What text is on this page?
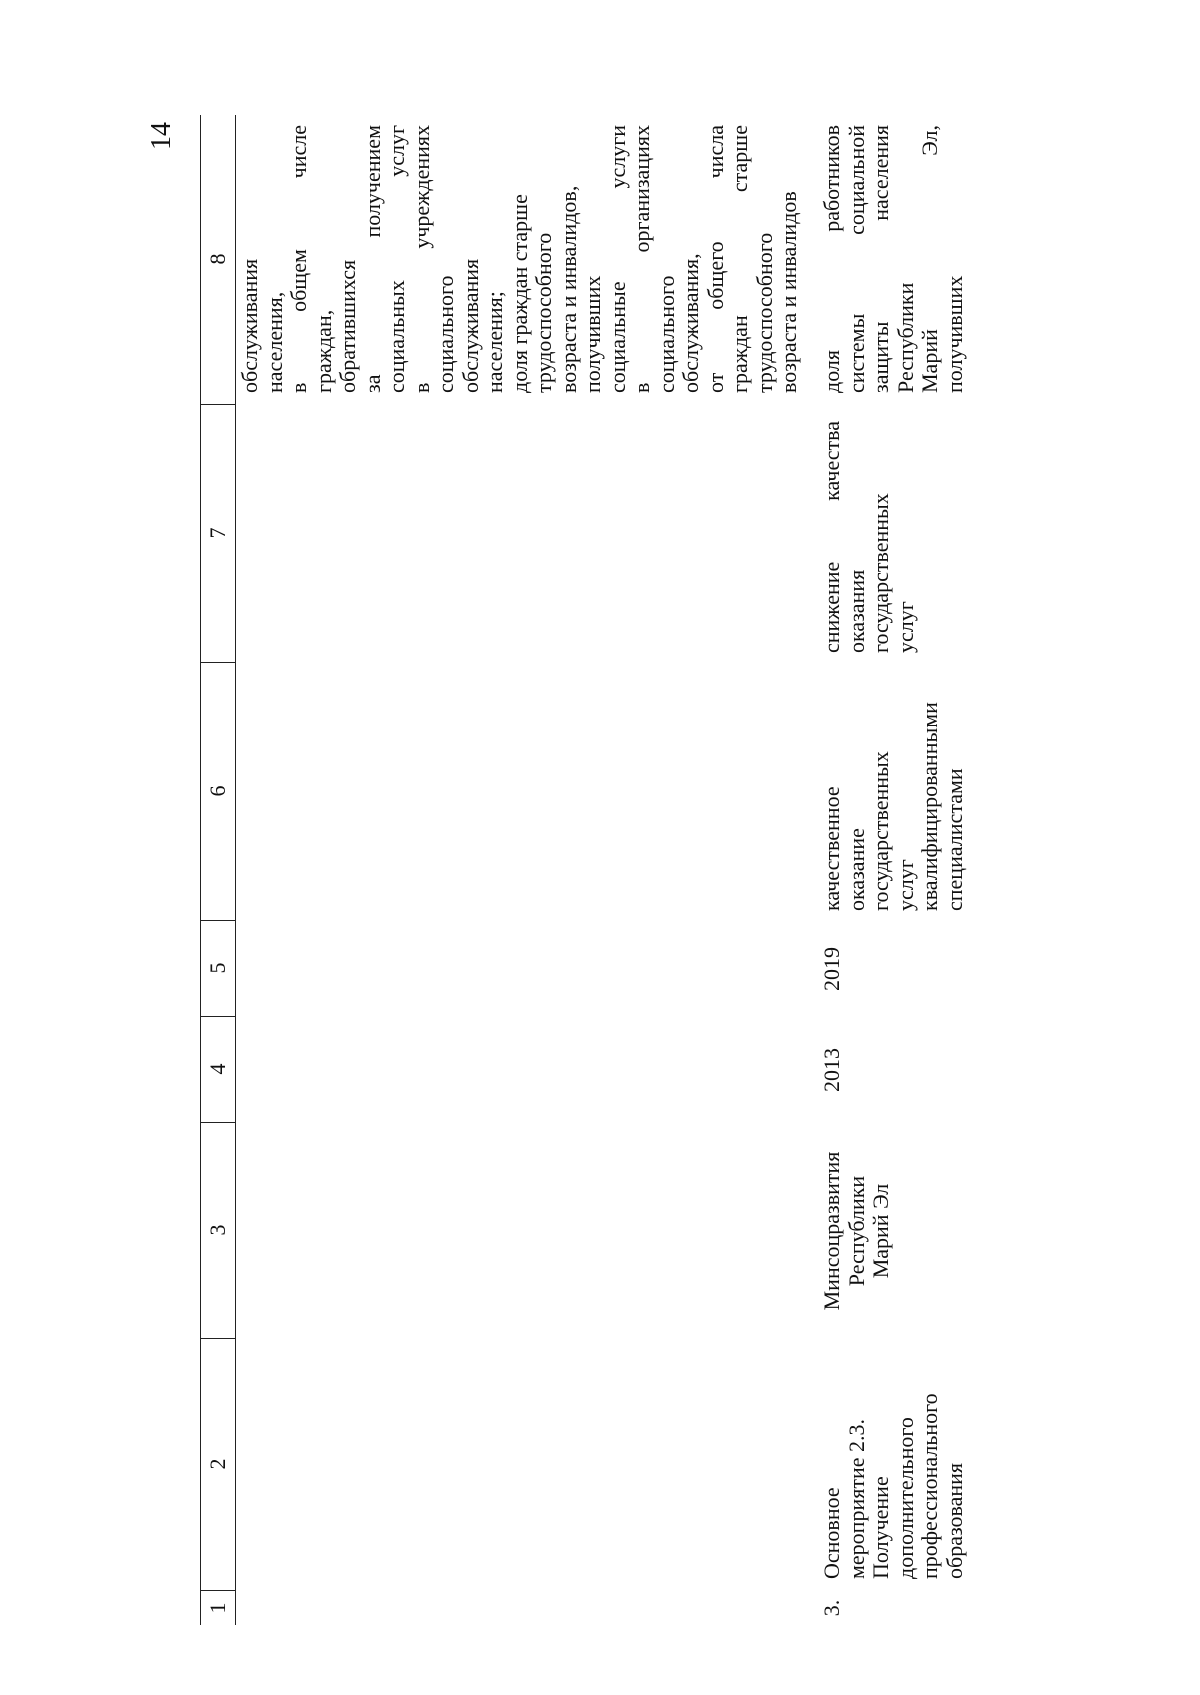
14
1
2
3
4
5
6
7
8 обслуживания населения, в
общем
числе
граждан, обратившихся за
получением
социальных
услуг
в
учреждениях
социального обслуживания населения; доля граждан старше трудоспособного возраста и инвалидов, получивших социальные
услуги
в
организациях
социального обслуживания, от
общего
числа
граждан
старше
трудоспособного возраста и инвалидов
3.
Основное мероприятие 2.3. Получение дополнительного профессионального образования
Минсоцразвития Республики Марий Эл
2013
2019
качественное оказание государственных услуг квалифицированными специалистами
снижение
качества
оказания государственных услуг
доля
работников
системы
социальной
защиты
населения
Республики Марий
Эл,
получивших
